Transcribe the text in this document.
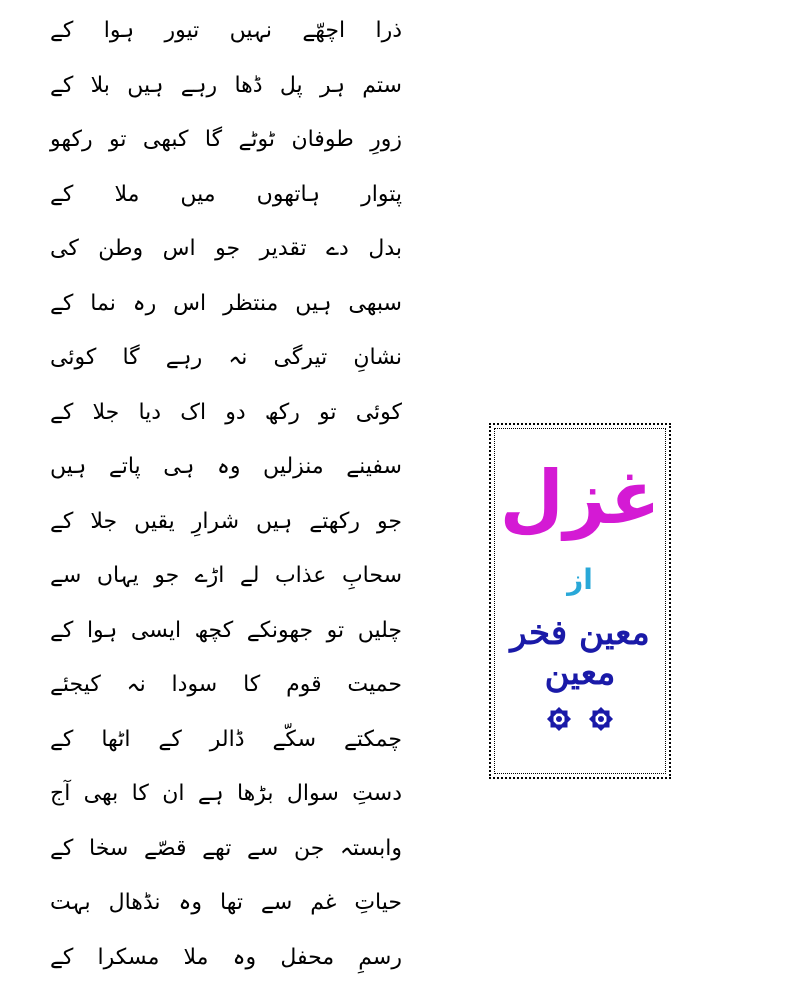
ذرا اچھّے نہیں تیور ہوا کے
ستم ہر پل ڈھا رہے ہیں بلا کے
زورِ طوفان ٹوٹے گا کبھی تو رکھو
پتوار ہاتھوں میں ملا کے
بدل دے تقدیر جو اس وطن کی
سبھی ہیں منتظر اس رہ نما کے
نشانِ تیرگی نہ رہے گا کوئی
کوئی تو رکھ دو اک دیا جلا کے
سفینے منزلیں وہ ہی پاتے ہیں
جو رکھتے ہیں شرارِ یقیں جلا کے
سحابِ عذاب لے اڑے جو یہاں سے
چلیں تو جھونکے کچھ ایسی ہوا کے
حمیت قوم کا سودا نہ کیجئے
چمکتے سکّے ڈالر کے اٹھا کے
دستِ سوال بڑھا ہے ان کا بھی آج
وابستہ جن سے تھے قصّے سخا کے
حیاتِ غم سے تھا وہ نڈھال بہت
رسمِ محفل وہ ملا مسکرا کے
غزل
از
معین فخر معین
